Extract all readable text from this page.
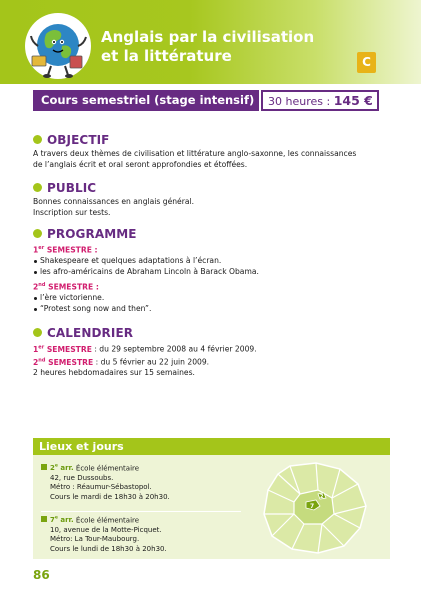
Anglais par la civilisation
et la littérature	C
Cours semestriel (stage intensif)	30 heures : 145 €
OBJECTIF

A travers deux thèmes de civilisation et littérature anglo-saxonne, les connaissances

de l’anglais écrit et oral seront approfondies et étoffées.

PUBLIC

Bonnes connaissances en anglais général.

Inscription sur tests.

PROGRAMME

1er SEMESTRE :

Shakespeare et quelques adaptations à l’écran.

les afro-américains de Abraham Lincoln à Barack Obama.

2nd SEMESTRE :

l’ère victorienne.

“Protest song now and then”.

CALENDRIER

1er SEMESTRE : du 29 septembre 2008 au 4 février 2009.

2nd SEMESTRE : du 5 février au 22 juin 2009.

2 heures hebdomadaires sur 15 semaines.

Lieux et jours

2e arr. École élémentaire

42, rue Dussoubs.

Métro : Réaumur-Sébastopol.

Cours le mardi de 18h30 à 20h30.

7e arr. École élémentaire

10, avenue de la Motte-Picquet.

Métro: La Tour-Maubourg.

Cours le lundi de 18h30 à 20h30.

7
2
86
